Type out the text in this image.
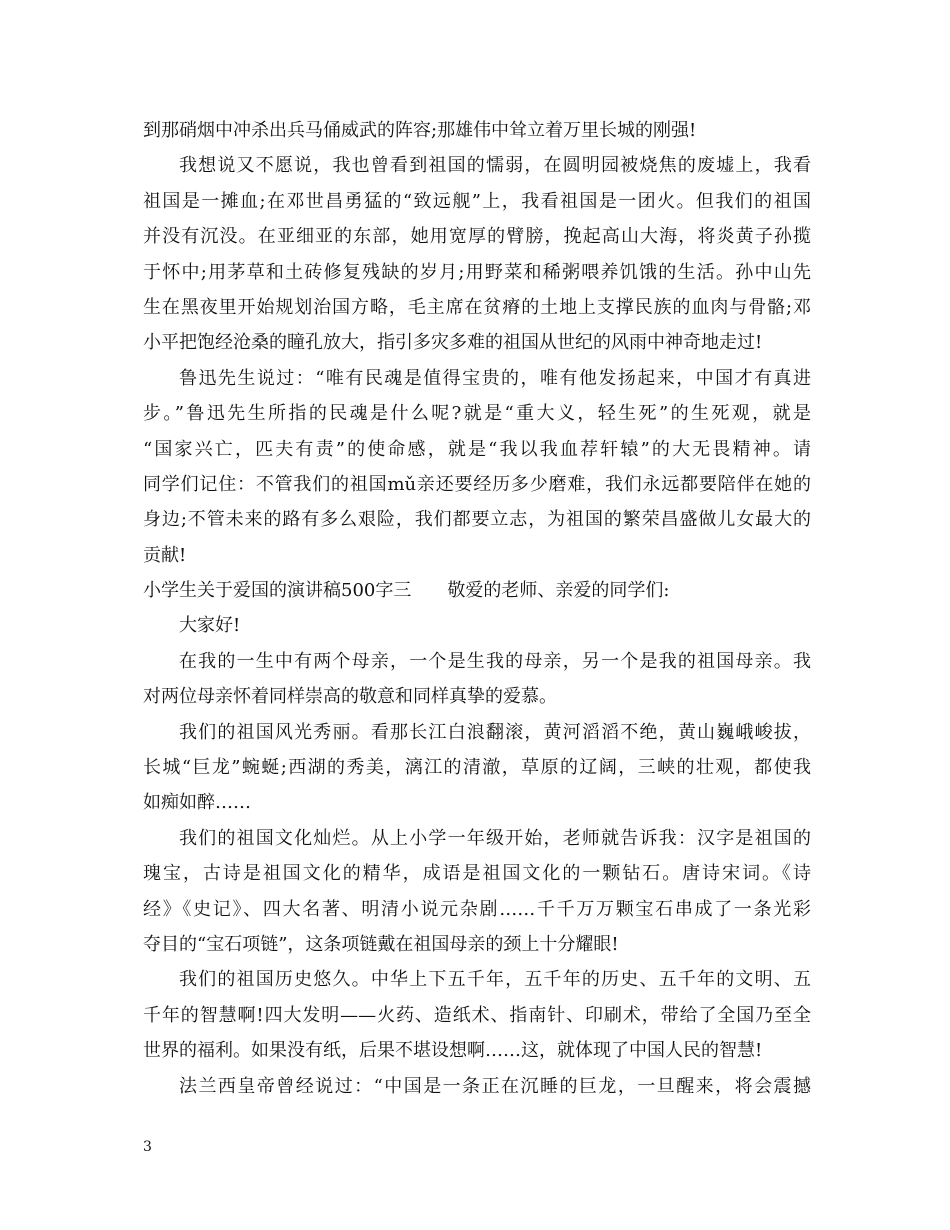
到那硝烟中冲杀出兵马俑威武的阵容;那雄伟中耸立着万里长城的刚强!
我想说又不愿说，我也曾看到祖国的懦弱，在圆明园被烧焦的废墟上，我看
祖国是一摊血;在邓世昌勇猛的“致远舰”上，我看祖国是一团火。但我们的祖国
并没有沉没。在亚细亚的东部，她用宽厚的臂膀，挽起高山大海，将炎黄子孙揽
于怀中;用茅草和土砖修复残缺的岁月;用野菜和稀粥喂养饥饿的生活。孙中山先
生在黑夜里开始规划治国方略，毛主席在贫瘠的土地上支撑民族的血肉与骨骼;邓
小平把饱经沧桑的瞳孔放大，指引多灾多难的祖国从世纪的风雨中神奇地走过!
鲁迅先生说过：“唯有民魂是值得宝贵的，唯有他发扬起来，中国才有真进
步。”鲁迅先生所指的民魂是什么呢?就是“重大义，轻生死”的生死观，就是
“国家兴亡，匹夫有责”的使命感，就是“我以我血荐轩辕”的大无畏精神。请
同学们记住：不管我们的祖国mǔ亲还要经历多少磨难，我们永远都要陪伴在她的
身边;不管未来的路有多么艰险，我们都要立志，为祖国的繁荣昌盛做儿女最大的
贡献!
小学生关于爱国的演讲稿500字三　　敬爱的老师、亲爱的同学们:
大家好!
在我的一生中有两个母亲，一个是生我的母亲，另一个是我的祖国母亲。我
对两位母亲怀着同样崇高的敬意和同样真挚的爱慕。
我们的祖国风光秀丽。看那长江白浪翻滚，黄河滔滔不绝，黄山巍峨峻拔，
长城“巨龙”蜿蜒;西湖的秀美，漓江的清澈，草原的辽阔，三峡的壮观，都使我
如痴如醉……
我们的祖国文化灿烂。从上小学一年级开始，老师就告诉我：汉字是祖国的
瑰宝，古诗是祖国文化的精华，成语是祖国文化的一颗钻石。唐诗宋词。《诗
经》《史记》、四大名著、明清小说元杂剧……千千万万颗宝石串成了一条光彩
夺目的“宝石项链”，这条项链戴在祖国母亲的颈上十分耀眼!
我们的祖国历史悠久。中华上下五千年，五千年的历史、五千年的文明、五
千年的智慧啊!四大发明——火药、造纸术、指南针、印刷术，带给了全国乃至全
世界的福利。如果没有纸，后果不堪设想啊……这，就体现了中国人民的智慧!
法兰西皇帝曾经说过：“中国是一条正在沉睡的巨龙，一旦醒来，将会震撼
3
